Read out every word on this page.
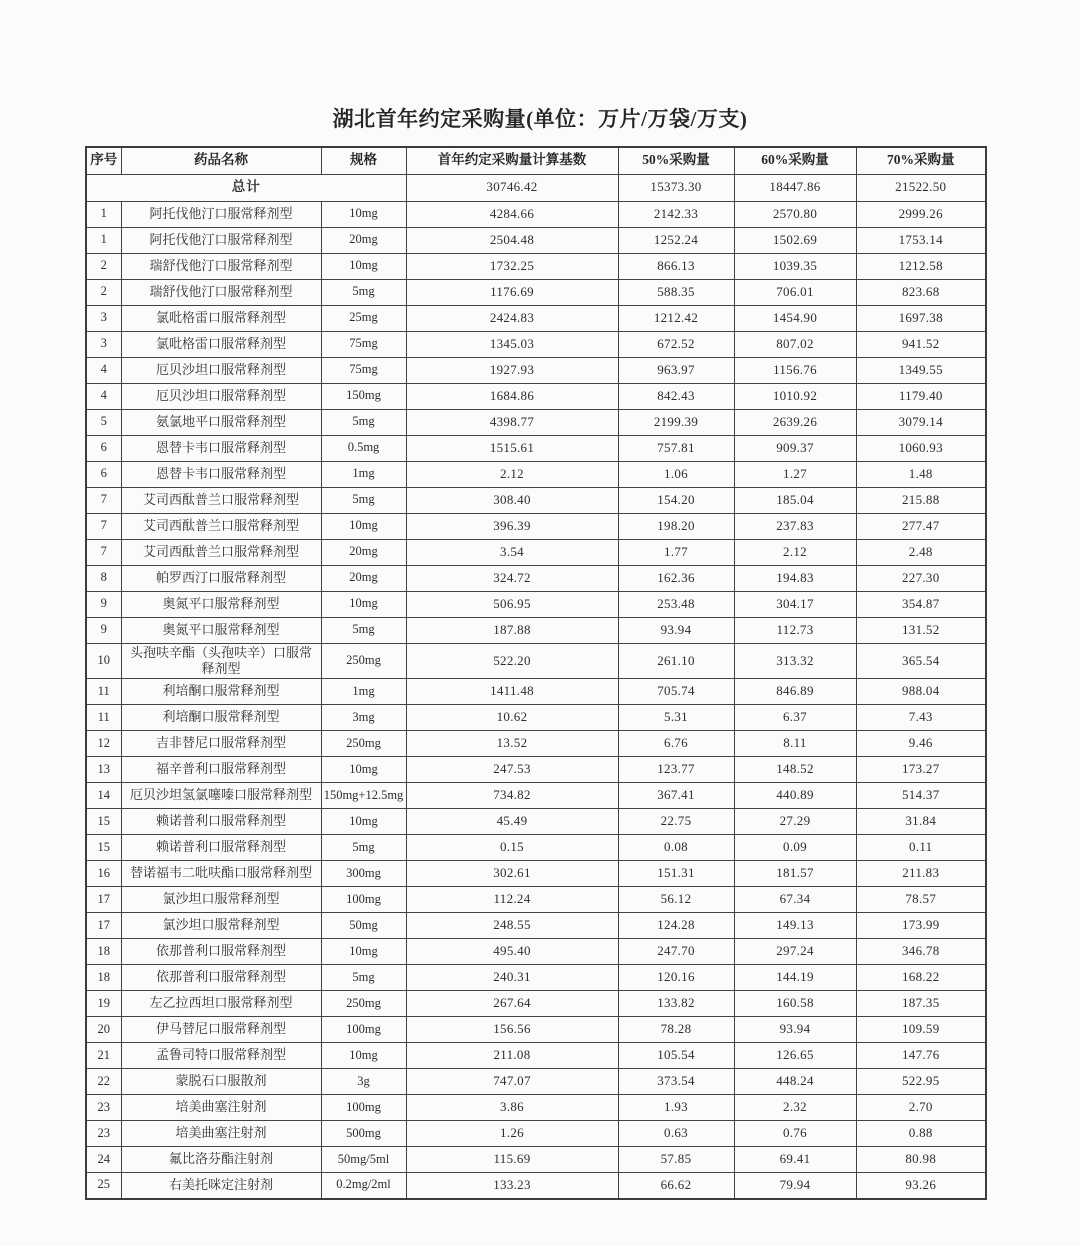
湖北首年约定采购量(单位：万片/万袋/万支)
序号	药品名称	规格	首年约定采购量计算基数	50%采购量	60%采购量	70%采购量
总计			30746.42	15373.30	18447.86	21522.50
1	阿托伐他汀口服常释剂型	10mg	4284.66	2142.33	2570.80	2999.26
1	阿托伐他汀口服常释剂型	20mg	2504.48	1252.24	1502.69	1753.14
2	瑞舒伐他汀口服常释剂型	10mg	1732.25	866.13	1039.35	1212.58
2	瑞舒伐他汀口服常释剂型	5mg	1176.69	588.35	706.01	823.68
3	氯吡格雷口服常释剂型	25mg	2424.83	1212.42	1454.90	1697.38
3	氯吡格雷口服常释剂型	75mg	1345.03	672.52	807.02	941.52
4	厄贝沙坦口服常释剂型	75mg	1927.93	963.97	1156.76	1349.55
4	厄贝沙坦口服常释剂型	150mg	1684.86	842.43	1010.92	1179.40
5	氨氯地平口服常释剂型	5mg	4398.77	2199.39	2639.26	3079.14
6	恩替卡韦口服常释剂型	0.5mg	1515.61	757.81	909.37	1060.93
6	恩替卡韦口服常释剂型	1mg	2.12	1.06	1.27	1.48
7	艾司西酞普兰口服常释剂型	5mg	308.40	154.20	185.04	215.88
7	艾司西酞普兰口服常释剂型	10mg	396.39	198.20	237.83	277.47
7	艾司西酞普兰口服常释剂型	20mg	3.54	1.77	2.12	2.48
8	帕罗西汀口服常释剂型	20mg	324.72	162.36	194.83	227.30
9	奥氮平口服常释剂型	10mg	506.95	253.48	304.17	354.87
9	奥氮平口服常释剂型	5mg	187.88	93.94	112.73	131.52
10	头孢呋辛酯（头孢呋辛）口服常释剂型	250mg	522.20	261.10	313.32	365.54
11	利培酮口服常释剂型	1mg	1411.48	705.74	846.89	988.04
11	利培酮口服常释剂型	3mg	10.62	5.31	6.37	7.43
12	吉非替尼口服常释剂型	250mg	13.52	6.76	8.11	9.46
13	福辛普利口服常释剂型	10mg	247.53	123.77	148.52	173.27
14	厄贝沙坦氢氯噻嗪口服常释剂型	150mg+12.5mg	734.82	367.41	440.89	514.37
15	赖诺普利口服常释剂型	10mg	45.49	22.75	27.29	31.84
15	赖诺普利口服常释剂型	5mg	0.15	0.08	0.09	0.11
16	替诺福韦二吡呋酯口服常释剂型	300mg	302.61	151.31	181.57	211.83
17	氯沙坦口服常释剂型	100mg	112.24	56.12	67.34	78.57
17	氯沙坦口服常释剂型	50mg	248.55	124.28	149.13	173.99
18	依那普利口服常释剂型	10mg	495.40	247.70	297.24	346.78
18	依那普利口服常释剂型	5mg	240.31	120.16	144.19	168.22
19	左乙拉西坦口服常释剂型	250mg	267.64	133.82	160.58	187.35
20	伊马替尼口服常释剂型	100mg	156.56	78.28	93.94	109.59
21	孟鲁司特口服常释剂型	10mg	211.08	105.54	126.65	147.76
22	蒙脱石口服散剂	3g	747.07	373.54	448.24	522.95
23	培美曲塞注射剂	100mg	3.86	1.93	2.32	2.70
23	培美曲塞注射剂	500mg	1.26	0.63	0.76	0.88
24	氟比洛芬酯注射剂	50mg/5ml	115.69	57.85	69.41	80.98
25	右美托咪定注射剂	0.2mg/2ml	133.23	66.62	79.94	93.26
